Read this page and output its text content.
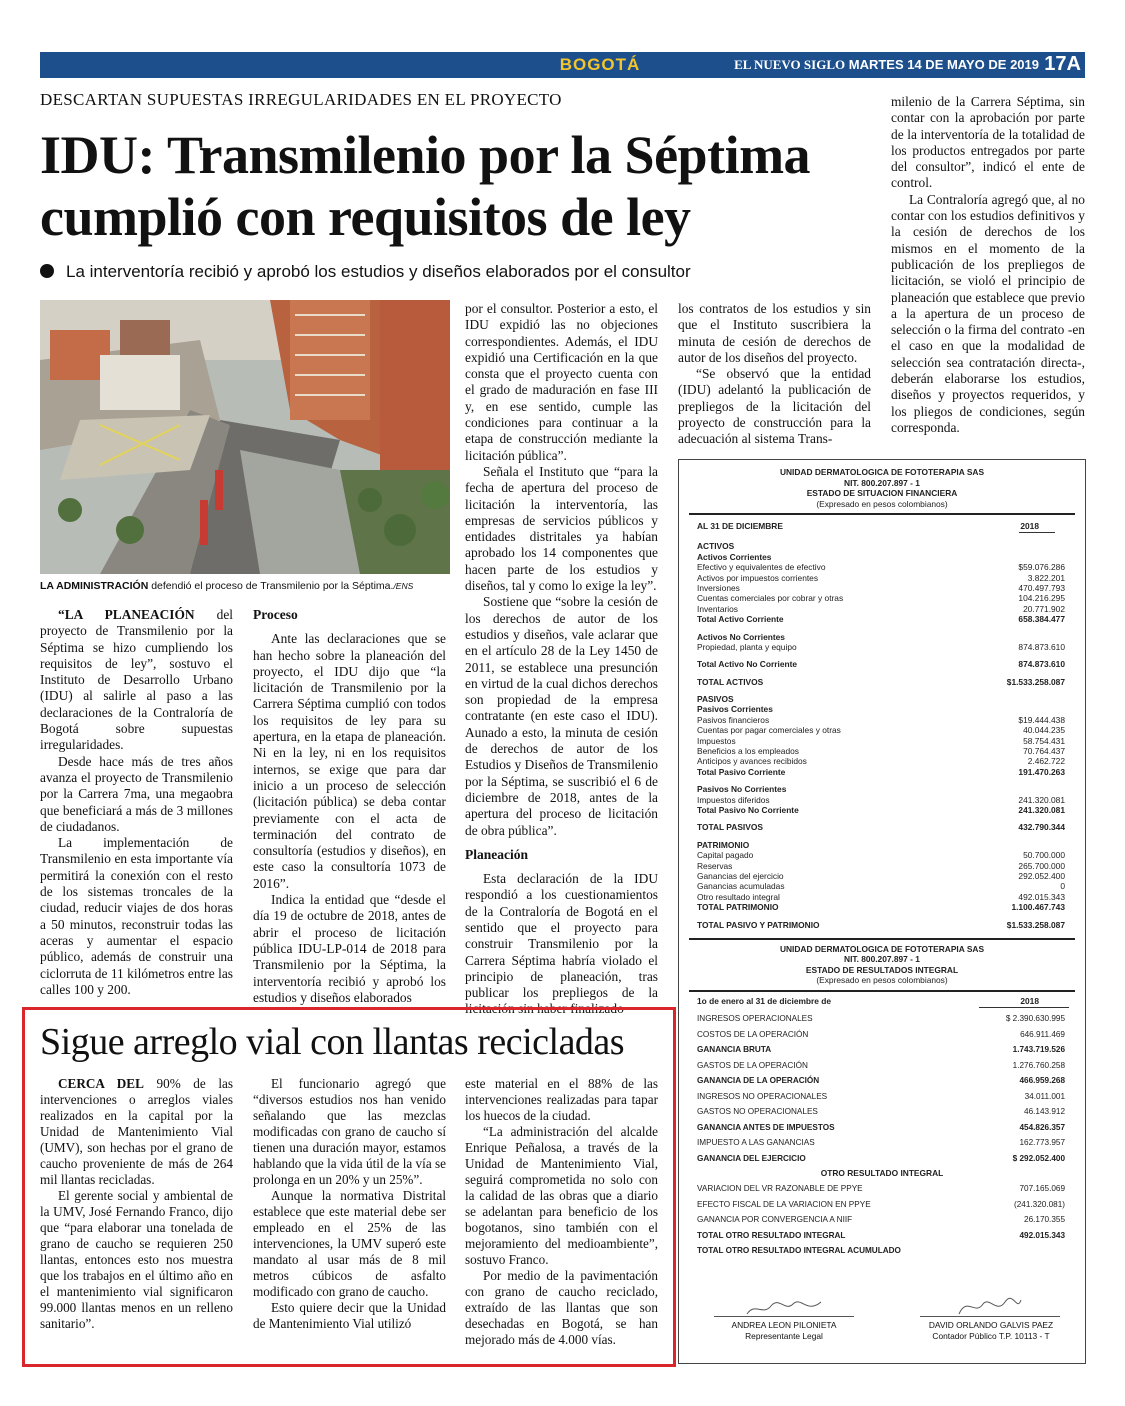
BOGOTÁ	EL NUEVO SIGLO MARTES 14 DE MAYO DE 2019 17A
DESCARTAN SUPUESTAS IRREGULARIDADES EN EL PROYECTO
IDU: Transmilenio por la Séptima
cumplió con requisitos de ley
La interventoría recibió y aprobó los estudios y diseños elaborados por el consultor
LA ADMINISTRACIÓN defendió el proceso de Transmilenio por la Séptima./ENS

“LA PLANEACIÓN del proyecto de Transmilenio por la Séptima se hizo cumpliendo los requisitos de ley”, sostuvo el Instituto de Desarrollo Urbano (IDU) al salirle al paso a las declaraciones de la Contraloría de Bogotá sobre supuestas irregularidades.

Desde hace más de tres años avanza el proyecto de Transmilenio por la Carrera 7ma, una megaobra que beneficiará a más de 3 millones de ciudadanos.

La implementación de Transmilenio en esta importante vía permitirá la conexión con el resto de los sistemas troncales de la ciudad, reducir viajes de dos horas a 50 minutos, reconstruir todas las aceras y aumentar el espacio público, además de construir una ciclorruta de 11 kilómetros entre las calles 100 y 200.

Proceso

Ante las declaraciones que se han hecho sobre la planeación del proyecto, el IDU dijo que “la licitación de Transmilenio por la Carrera Séptima cumplió con todos los requisitos de ley para su apertura, en la etapa de planeación. Ni en la ley, ni en los requisitos internos, se exige que para dar inicio a un proceso de selección (licitación pública) se deba contar previamente con el acta de terminación del contrato de consultoría (estudios y diseños), en este caso la consultoría 1073 de 2016”.

Indica la entidad que “desde el día 19 de octubre de 2018, antes de abrir el proceso de licitación pública IDU-LP-014 de 2018 para Transmilenio por la Séptima, la interventoría recibió y aprobó los estudios y diseños elaborados

por el consultor. Posterior a esto, el IDU expidió las no objeciones correspondientes. Además, el IDU expidió una Certificación en la que consta que el proyecto cuenta con el grado de maduración en fase III y, en ese sentido, cumple las condiciones para continuar a la etapa de construcción mediante la licitación pública”.

Señala el Instituto que “para la fecha de apertura del proceso de licitación la interventoría, las empresas de servicios públicos y entidades distritales ya habían aprobado los 14 componentes que hacen parte de los estudios y diseños, tal y como lo exige la ley”.

Sostiene que “sobre la cesión de los derechos de autor de los estudios y diseños, vale aclarar que en el artículo 28 de la Ley 1450 de 2011, se establece una presunción en virtud de la cual dichos derechos son propiedad de la empresa contratante (en este caso el IDU). Aunado a esto, la minuta de cesión de derechos de autor de los Estudios y Diseños de Transmilenio por la Séptima, se suscribió el 6 de diciembre de 2018, antes de la apertura del proceso de licitación de obra pública”.

Planeación

Esta declaración de la IDU respondió a los cuestionamientos de la Contraloría de Bogotá en el sentido que el proyecto para construir Transmilenio por la Carrera Séptima habría violado el principio de planeación, tras publicar los prepliegos de la licitación sin haber finalizado

los contratos de los estudios y sin que el Instituto suscribiera la minuta de cesión de derechos de autor de los diseños del proyecto.

“Se observó que la entidad (IDU) adelantó la publicación de prepliegos de la licitación del proyecto de construcción para la adecuación al sistema Trans-

milenio de la Carrera Séptima, sin contar con la aprobación por parte de la interventoría de la totalidad de los productos entregados por parte del consultor”, indicó el ente de control.

La Contraloría agregó que, al no contar con los estudios definitivos y la cesión de derechos de los mismos en el momento de la publicación de los prepliegos de licitación, se violó el principio de planeación que establece que previo a la apertura de un proceso de selección o la firma del contrato -en el caso en que la modalidad de selección sea contratación directa-, deberán elaborarse los estudios, diseños y proyectos requeridos, y los pliegos de condiciones, según corresponda.

Sigue arreglo vial con llantas recicladas

CERCA DEL 90% de las intervenciones o arreglos viales realizados en la capital por la Unidad de Mantenimiento Vial (UMV), son hechas por el grano de caucho proveniente de más de 264 mil llantas recicladas.

El gerente social y ambiental de la UMV, José Fernando Franco, dijo que “para elaborar una tonelada de grano de caucho se requieren 250 llantas, entonces esto nos muestra que los trabajos en el último año en el mantenimiento vial significaron 99.000 llantas menos en un relleno sanitario”.

El funcionario agregó que “diversos estudios nos han venido señalando que las mezclas modificadas con grano de caucho sí tienen una duración mayor, estamos hablando que la vida útil de la vía se prolonga en un 20% y un 25%”.

Aunque la normativa Distrital establece que este material debe ser empleado en el 25% de las intervenciones, la UMV superó este mandato al usar más de 8 mil metros cúbicos de asfalto modificado con grano de caucho.

Esto quiere decir que la Unidad de Mantenimiento Vial utilizó

este material en el 88% de las intervenciones realizadas para tapar los huecos de la ciudad.

“La administración del alcalde Enrique Peñalosa, a través de la Unidad de Mantenimiento Vial, seguirá comprometida no solo con la calidad de las obras que a diario se adelantan para beneficio de los bogotanos, sino también con el mejoramiento del medioambiente”, sostuvo Franco.

Por medio de la pavimentación con grano de caucho reciclado, extraído de las llantas que son desechadas en Bogotá, se han mejorado más de 4.000 vías.

UNIDAD DERMATOLOGICA DE FOTOTERAPIA SAS
NIT. 800.207.897 - 1
ESTADO DE SITUACION FINANCIERA
(Expresado en pesos colombianos)
AL 31 DE DICIEMBRE	2018
ACTIVOS
Activos Corrientes
Efectivo y equivalentes de efectivo	$59.076.286
Activos por impuestos corrientes	3.822.201
Inversiones	470.497.793
Cuentas comerciales por cobrar y otras	104.216.295
Inventarios	20.771.902
Total Activo Corriente	658.384.477
Activos No Corrientes
Propiedad, planta y equipo	874.873.610
Total Activo No Corriente	874.873.610
TOTAL ACTIVOS	$1.533.258.087
PASIVOS
Pasivos Corrientes
Pasivos financieros	$19.444.438
Cuentas por pagar comerciales y otras	40.044.235
Impuestos	58.754.431
Beneficios a los empleados	70.764.437
Anticipos y avances recibidos	2.462.722
Total Pasivo Corriente	191.470.263
Pasivos No Corrientes
Impuestos diferidos	241.320.081
Total Pasivo No Corriente	241.320.081
TOTAL PASIVOS	432.790.344
PATRIMONIO
Capital pagado	50.700.000
Reservas	265.700.000
Ganancias del ejercicio	292.052.400
Ganancias acumuladas	0
Otro resultado integral	492.015.343
TOTAL PATRIMONIO	1.100.467.743
TOTAL PASIVO Y PATRIMONIO	$1.533.258.087
UNIDAD DERMATOLOGICA DE FOTOTERAPIA SAS
NIT. 800.207.897 - 1
ESTADO DE RESULTADOS INTEGRAL
(Expresado en pesos colombianos)
1o de enero al 31 de diciembre de	2018
INGRESOS OPERACIONALES	$ 2.390.630.995
COSTOS DE LA OPERACIÓN	646.911.469
GANANCIA BRUTA	1.743.719.526
GASTOS DE LA OPERACIÓN	1.276.760.258
GANANCIA DE LA OPERACIÓN	466.959.268
INGRESOS NO OPERACIONALES	34.011.001
GASTOS NO OPERACIONALES	46.143.912
GANANCIA ANTES DE IMPUESTOS	454.826.357
IMPUESTO A LAS GANANCIAS	162.773.957
GANANCIA DEL EJERCICIO	$ 292.052.400
OTRO RESULTADO INTEGRAL
VARIACION DEL VR RAZONABLE DE PPYE	707.165.069
EFECTO FISCAL DE LA VARIACION EN PPYE	(241.320.081)
GANANCIA POR CONVERGENCIA A NIIF	26.170.355
TOTAL OTRO RESULTADO INTEGRAL	492.015.343
TOTAL OTRO RESULTADO INTEGRAL ACUMULADO
ANDREA LEON PILONIETA
Representante Legal
DAVID ORLANDO GALVIS PAEZ
Contador Público T.P. 10113 - T
